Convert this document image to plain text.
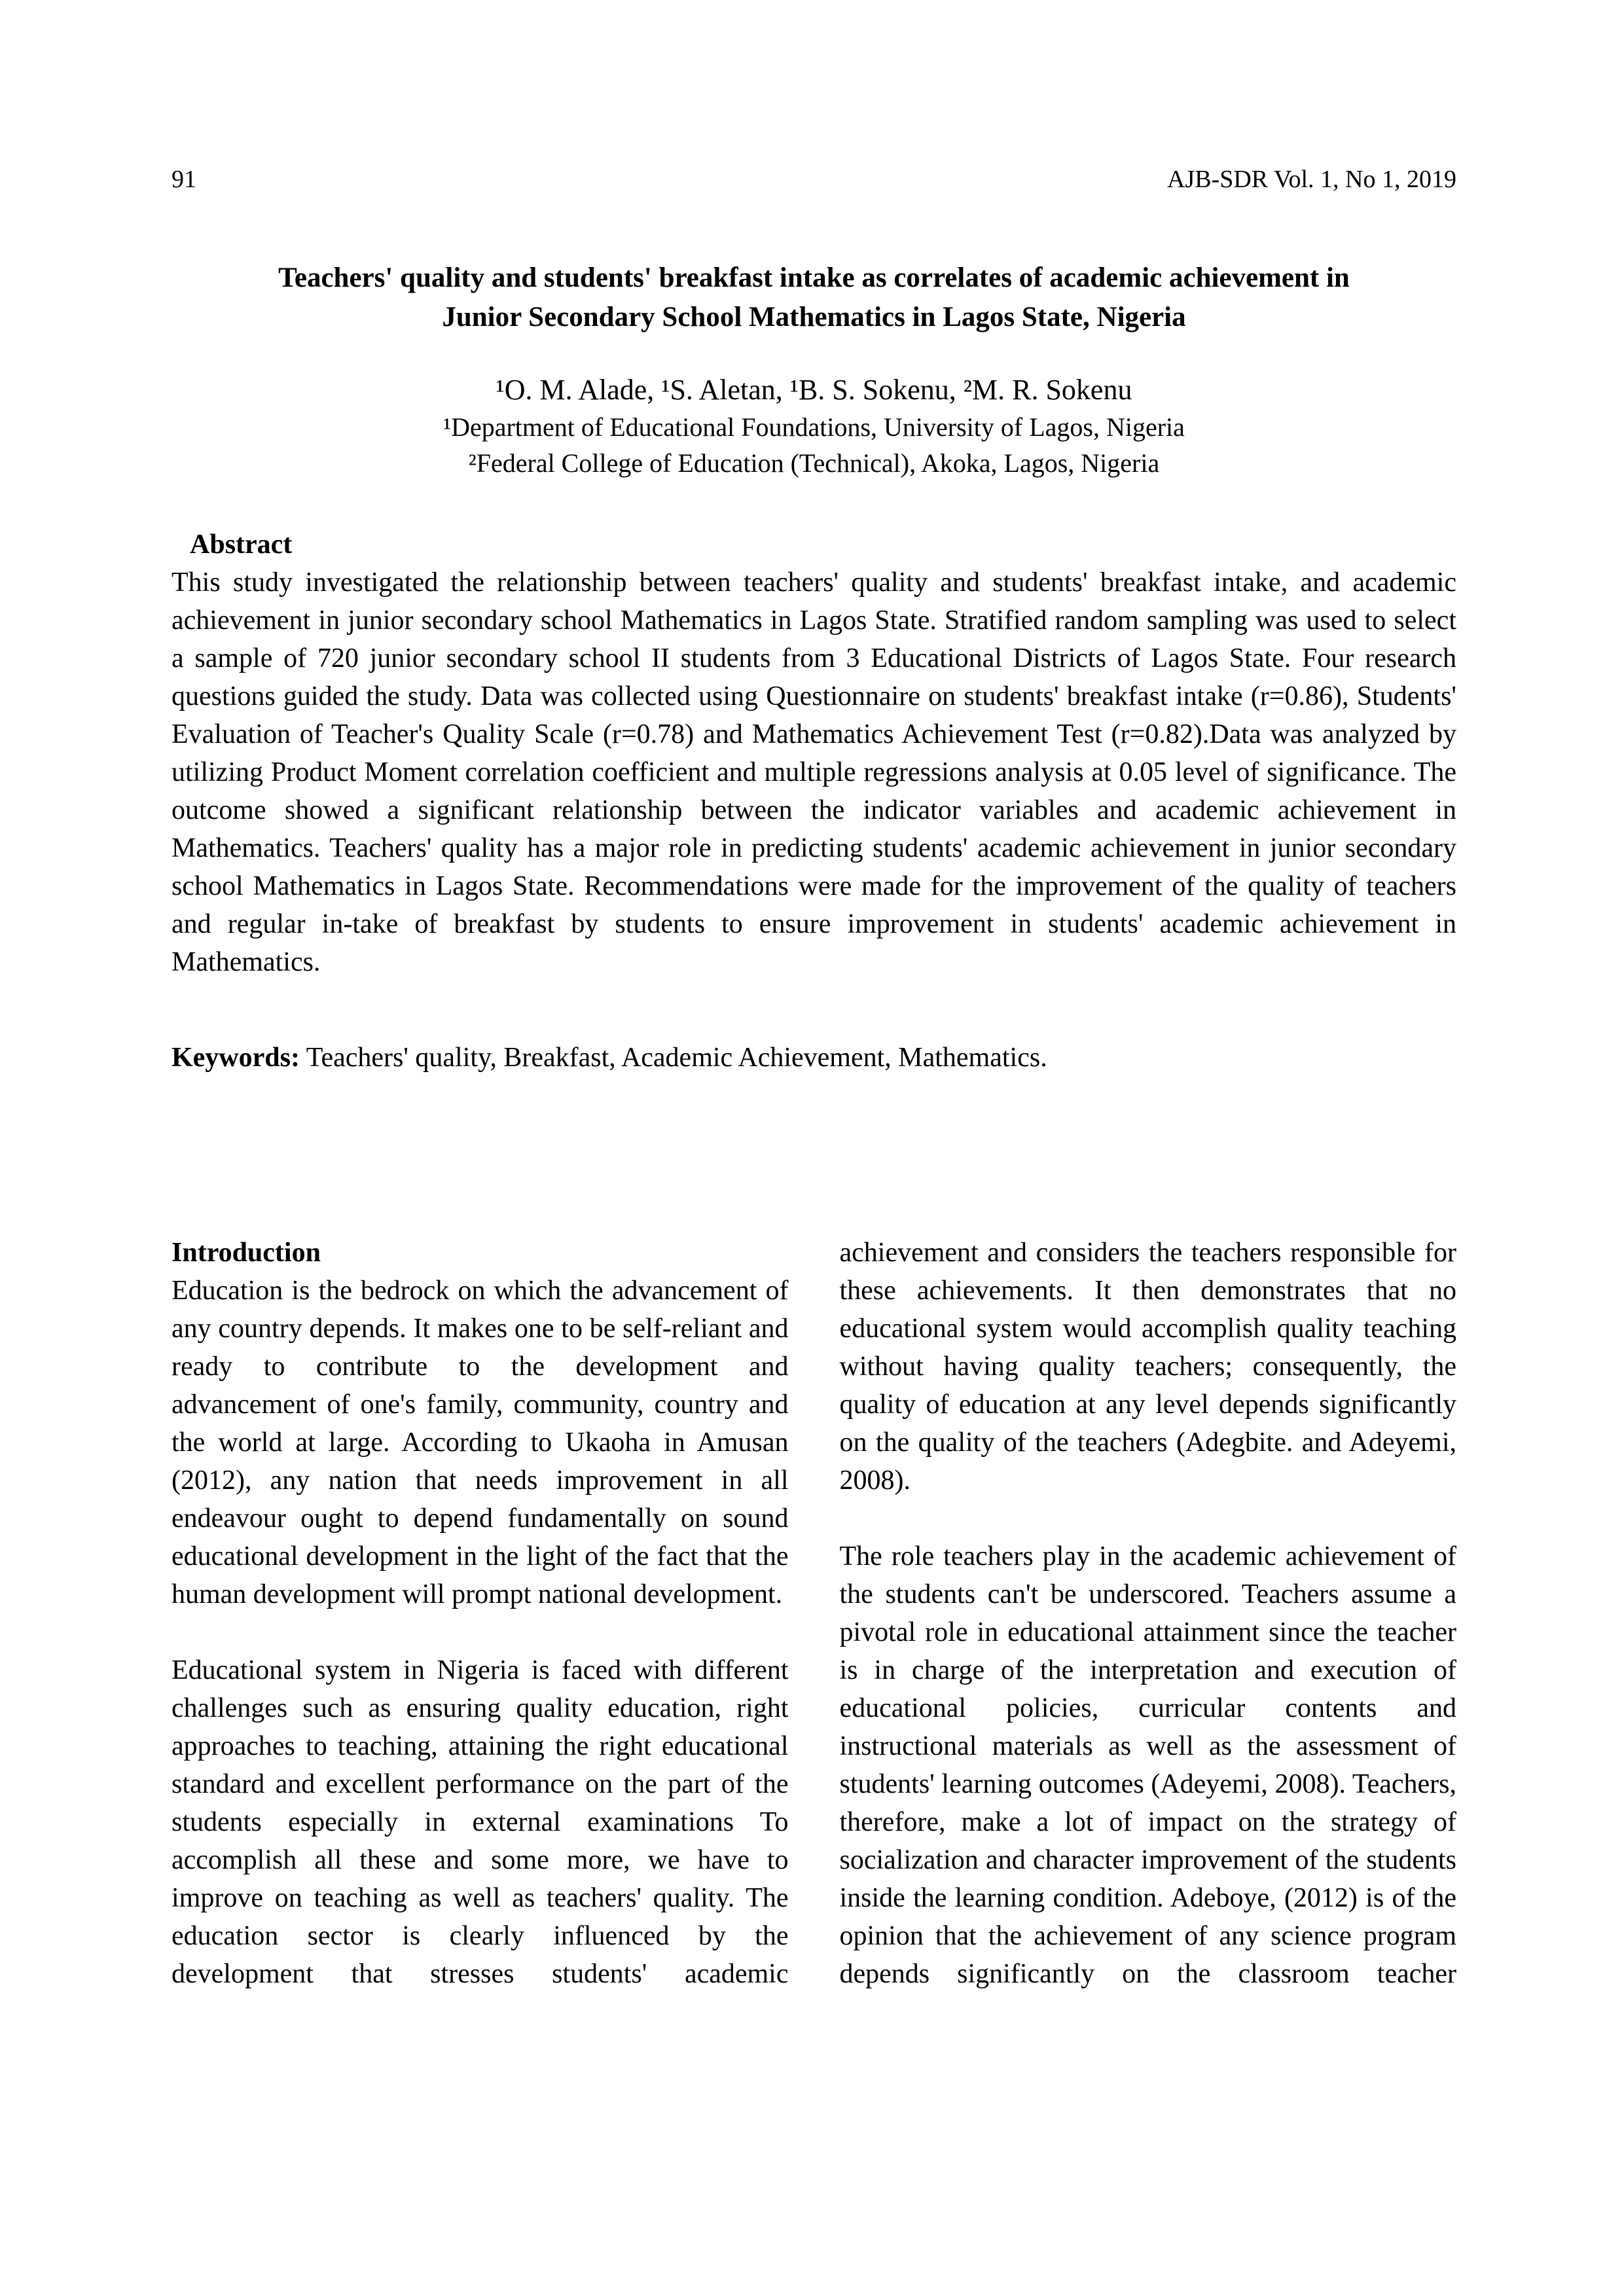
91	AJB-SDR Vol. 1, No 1, 2019
Teachers' quality and students' breakfast intake as correlates of academic achievement in
Junior Secondary School Mathematics in Lagos State, Nigeria
¹O. M. Alade, ¹S. Aletan, ¹B. S. Sokenu, ²M. R. Sokenu
¹Department of Educational Foundations, University of Lagos, Nigeria
²Federal College of Education (Technical), Akoka, Lagos, Nigeria
Abstract
This study investigated the relationship between teachers' quality and students' breakfast intake, and academic achievement in junior secondary school Mathematics in Lagos State. Stratified random sampling was used to select a sample of 720 junior secondary school II students from 3 Educational Districts of Lagos State. Four research questions guided the study. Data was collected using Questionnaire on students' breakfast intake (r=0.86), Students' Evaluation of Teacher's Quality Scale (r=0.78) and Mathematics Achievement Test (r=0.82).Data was analyzed by utilizing Product Moment correlation coefficient and multiple regressions analysis at 0.05 level of significance. The outcome showed a significant relationship between the indicator variables and academic achievement in Mathematics. Teachers' quality has a major role in predicting students' academic achievement in junior secondary school Mathematics in Lagos State. Recommendations were made for the improvement of the quality of teachers and regular in-take of breakfast by students to ensure improvement in students' academic achievement in Mathematics.
Keywords: Teachers' quality, Breakfast, Academic Achievement, Mathematics.
Introduction
Education is the bedrock on which the advancement of any country depends. It makes one to be self-reliant and ready to contribute to the development and advancement of one's family, community, country and the world at large. According to Ukaoha in Amusan (2012), any nation that needs improvement in all endeavour ought to depend fundamentally on sound educational development in the light of the fact that the human development will prompt national development.
Educational system in Nigeria is faced with different challenges such as ensuring quality education, right approaches to teaching, attaining the right educational standard and excellent performance on the part of the students especially in external examinations To accomplish all these and some more, we have to improve on teaching as well as teachers' quality. The education sector is clearly influenced by the development that stresses students' academic
achievement and considers the teachers responsible for these achievements. It then demonstrates that no educational system would accomplish quality teaching without having quality teachers; consequently, the quality of education at any level depends significantly on the quality of the teachers (Adegbite. and Adeyemi, 2008).
The role teachers play in the academic achievement of the students can't be underscored. Teachers assume a pivotal role in educational attainment since the teacher is in charge of the interpretation and execution of educational policies, curricular contents and instructional materials as well as the assessment of students' learning outcomes (Adeyemi, 2008). Teachers, therefore, make a lot of impact on the strategy of socialization and character improvement of the students inside the learning condition. Adeboye, (2012) is of the opinion that the achievement of any science program depends significantly on the classroom teacher
